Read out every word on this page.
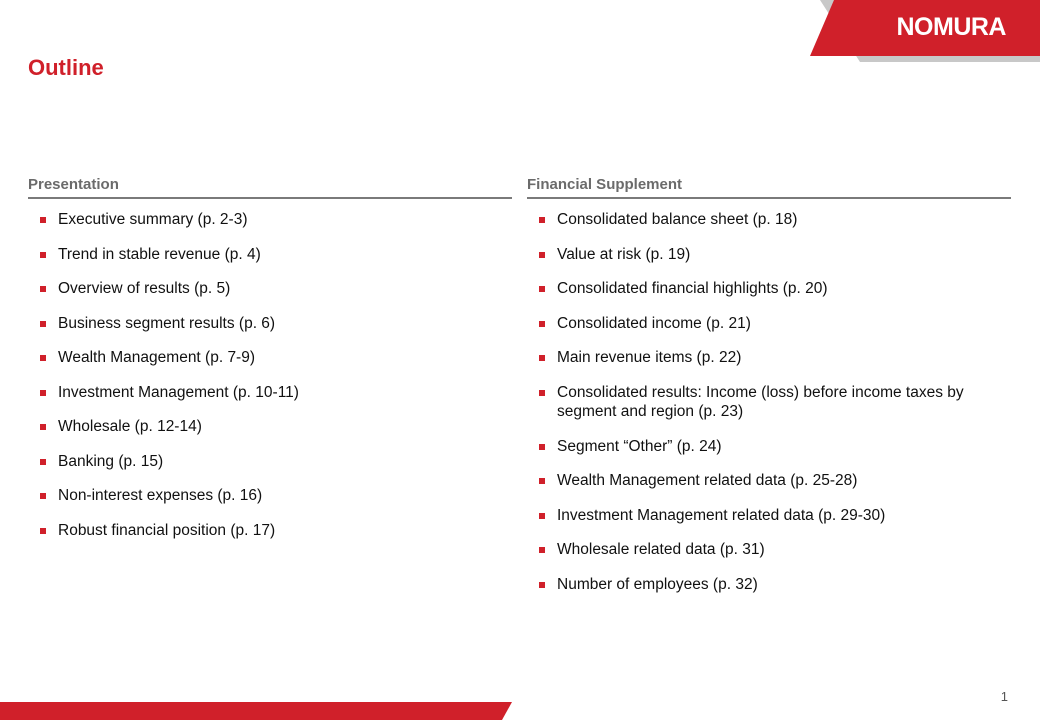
NOMURA
Outline
Presentation
Executive summary (p. 2-3)
Trend in stable revenue (p. 4)
Overview of results (p. 5)
Business segment results (p. 6)
Wealth Management (p. 7-9)
Investment Management (p. 10-11)
Wholesale (p. 12-14)
Banking (p. 15)
Non-interest expenses (p. 16)
Robust financial position (p. 17)
Financial Supplement
Consolidated balance sheet (p. 18)
Value at risk (p. 19)
Consolidated financial highlights (p. 20)
Consolidated income (p. 21)
Main revenue items (p. 22)
Consolidated results: Income (loss) before income taxes by segment and region (p. 23)
Segment “Other” (p. 24)
Wealth Management related data (p. 25-28)
Investment Management related data (p. 29-30)
Wholesale related data (p. 31)
Number of employees (p. 32)
1
